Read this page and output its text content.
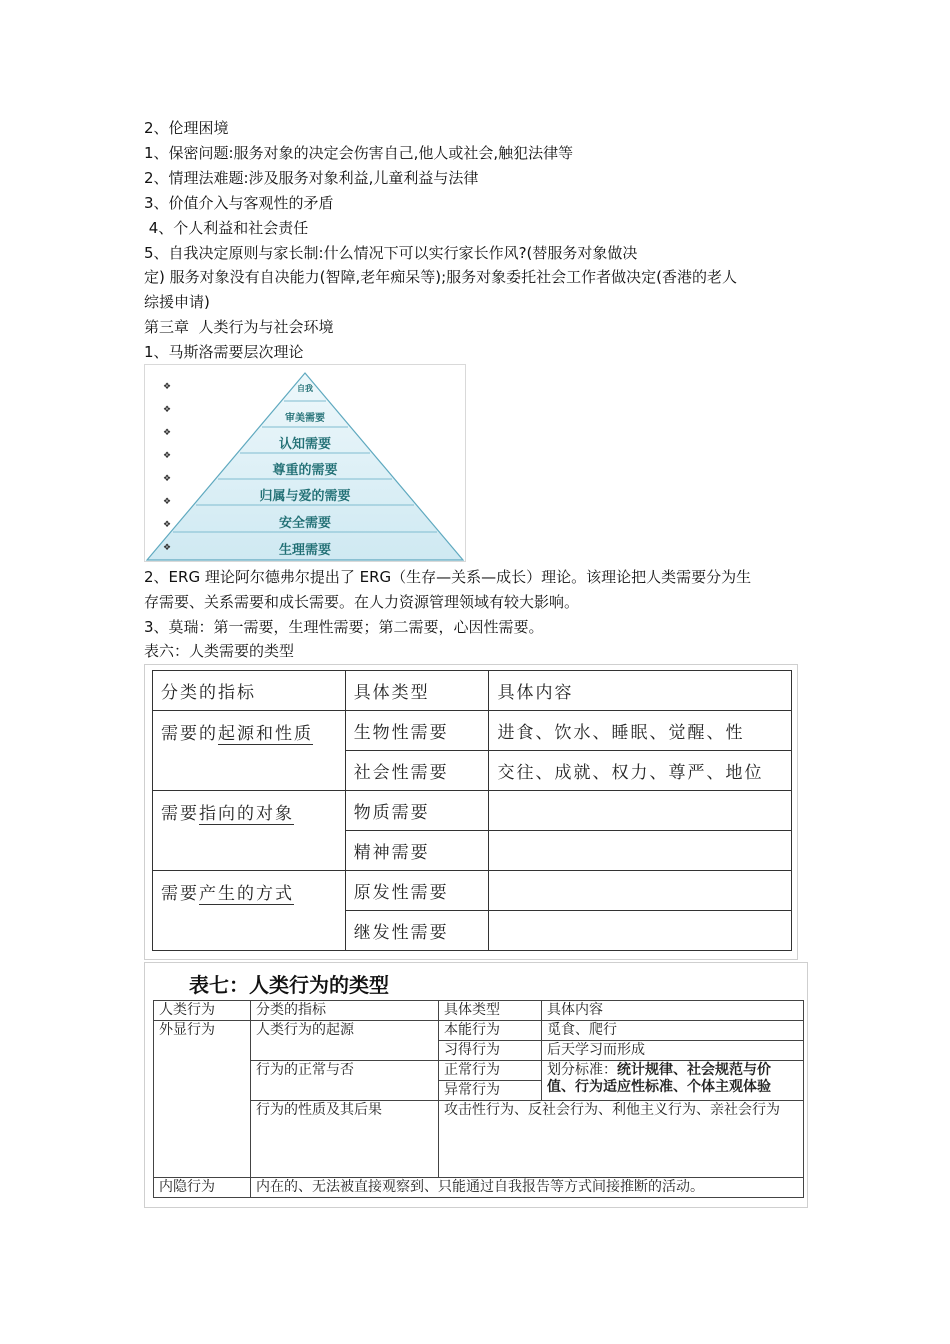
2、伦理困境
1、保密问题:服务对象的决定会伤害自己,他人或社会,触犯法律等
2、情理法难题:涉及服务对象利益,儿童利益与法律
3、价值介入与客观性的矛盾
4、个人利益和社会责任
5、自我决定原则与家长制:什么情况下可以实行家长作风?(替服务对象做决
定) 服务对象没有自决能力(智障,老年痴呆等);服务对象委托社会工作者做决定(香港的老人
综援申请)
第三章  人类行为与社会环境
1、马斯洛需要层次理论
❖
❖
❖
❖
❖
❖
❖
❖
自我
审美需要
认知需要
尊重的需要
归属与爱的需要
安全需要
生理需要
2、ERG 理论阿尔德弗尔提出了 ERG（生存—关系—成长）理论。该理论把人类需要分为生
存需要、关系需要和成长需要。在人力资源管理领域有较大影响。
3、莫瑞：第一需要，生理性需要；第二需要，心因性需要。
表六：人类需要的类型
分类的指标	具体类型	具体内容
需要的起源和性质	生物性需要	进食、饮水、睡眠、觉醒、性
	社会性需要	交往、成就、权力、尊严、地位
需要指向的对象	物质需要	
	精神需要	
需要产生的方式	原发性需要	
	继发性需要	
表七：人类行为的类型
人类行为	分类的指标	具体类型	具体内容
外显行为	人类行为的起源	本能行为	觅食、爬行
		习得行为	后天学习而形成
	行为的正常与否	正常行为	划分标准：统计规律、社会规范与价
值、行为适应性标准、个体主观体验
		异常行为	
	行为的性质及其后果	攻击性行为、反社会行为、利他主义行为、亲社会行为	

内隐行为	内在的、无法被直接观察到、只能通过自我报告等方式间接推断的活动。		
